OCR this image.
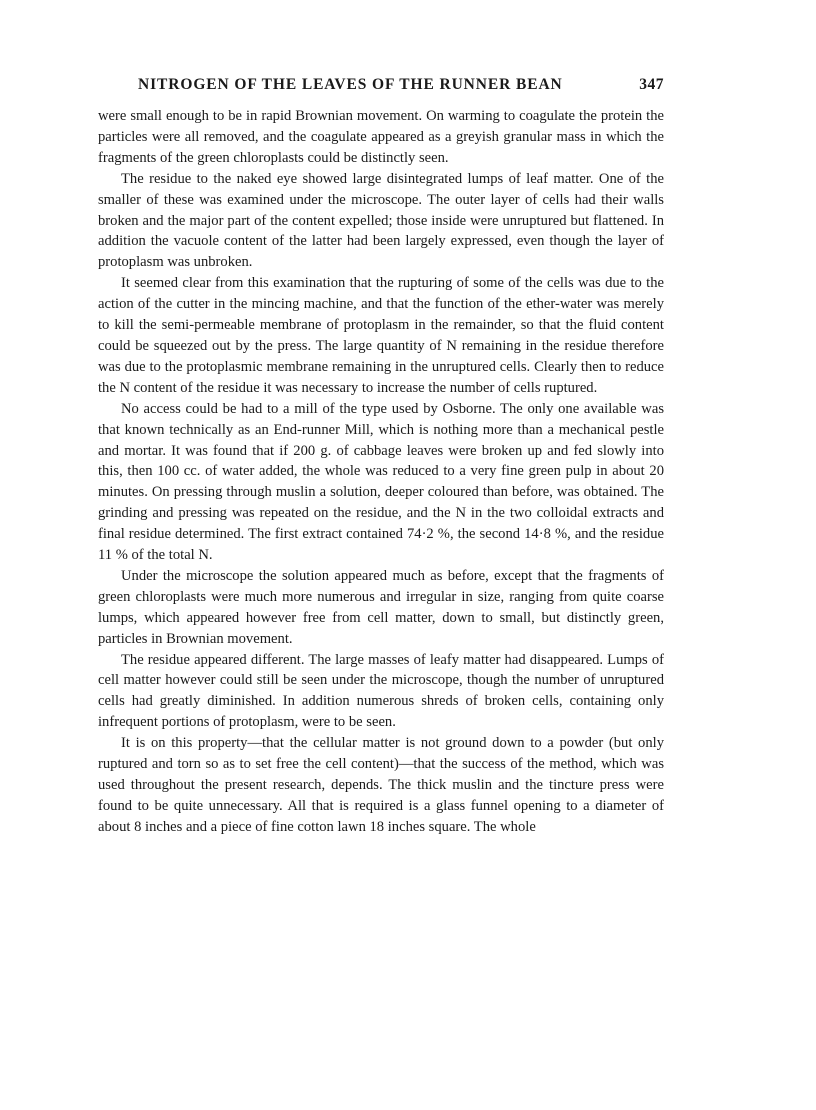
NITROGEN OF THE LEAVES OF THE RUNNER BEAN	347

were small enough to be in rapid Brownian movement. On warming to coagulate the protein the particles were all removed, and the coagulate appeared as a greyish granular mass in which the fragments of the green chloroplasts could be distinctly seen.

The residue to the naked eye showed large disintegrated lumps of leaf matter. One of the smaller of these was examined under the microscope. The outer layer of cells had their walls broken and the major part of the content expelled; those inside were unruptured but flattened. In addition the vacuole content of the latter had been largely expressed, even though the layer of protoplasm was unbroken.

It seemed clear from this examination that the rupturing of some of the cells was due to the action of the cutter in the mincing machine, and that the function of the ether-water was merely to kill the semi-permeable membrane of protoplasm in the remainder, so that the fluid content could be squeezed out by the press. The large quantity of N remaining in the residue therefore was due to the protoplasmic membrane remaining in the unruptured cells. Clearly then to reduce the N content of the residue it was necessary to increase the number of cells ruptured.

No access could be had to a mill of the type used by Osborne. The only one available was that known technically as an End-runner Mill, which is nothing more than a mechanical pestle and mortar. It was found that if 200 g. of cabbage leaves were broken up and fed slowly into this, then 100 cc. of water added, the whole was reduced to a very fine green pulp in about 20 minutes. On pressing through muslin a solution, deeper coloured than before, was obtained. The grinding and pressing was repeated on the residue, and the N in the two colloidal extracts and final residue determined. The first extract contained 74·2 %, the second 14·8 %, and the residue 11 % of the total N.

Under the microscope the solution appeared much as before, except that the fragments of green chloroplasts were much more numerous and irregular in size, ranging from quite coarse lumps, which appeared however free from cell matter, down to small, but distinctly green, particles in Brownian movement.

The residue appeared different. The large masses of leafy matter had disappeared. Lumps of cell matter however could still be seen under the microscope, though the number of unruptured cells had greatly diminished. In addition numerous shreds of broken cells, containing only infrequent portions of protoplasm, were to be seen.

It is on this property—that the cellular matter is not ground down to a powder (but only ruptured and torn so as to set free the cell content)—that the success of the method, which was used throughout the present research, depends. The thick muslin and the tincture press were found to be quite unnecessary. All that is required is a glass funnel opening to a diameter of about 8 inches and a piece of fine cotton lawn 18 inches square. The whole
